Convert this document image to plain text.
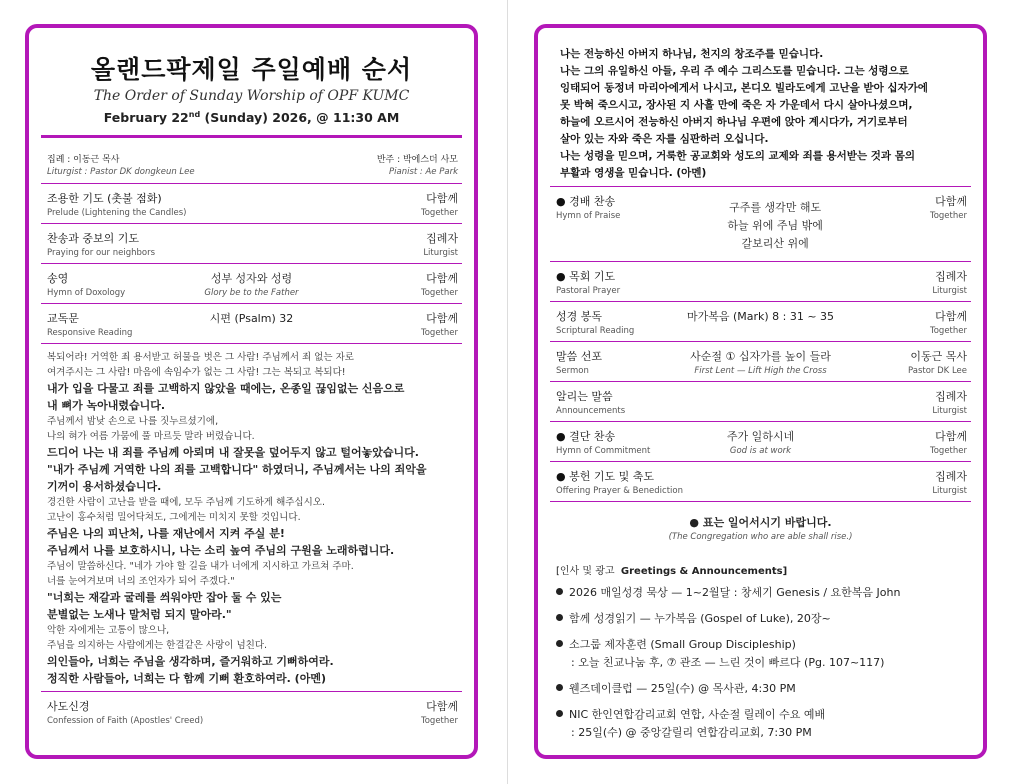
올랜드팍제일 주일예배 순서
The Order of Sunday Worship of OPF KUMC
February 22nd (Sunday) 2026, @ 11:30 AM
집례 : 이동근 목사
Liturgist : Pastor DK dongkeun Lee
반주 : 박에스더 사모
Pianist : Ae Park
조용한 기도 (촛불 점화)
Prelude (Lightening the Candles)
다함께
Together
찬송과 중보의 기도
Praying for our neighbors
집례자
Liturgist
송영
Hymn of Doxology
성부 성자와 성령
Glory be to the Father
다함께
Together
교독문
Responsive Reading
시편 (Psalm) 32	다함께
Together
복되어라! 거역한 죄 용서받고 허물을 벗은 그 사람! 주님께서 죄 없는 자로
여겨주시는 그 사람! 마음에 속임수가 없는 그 사람! 그는 복되고 복되다!
내가 입을 다물고 죄를 고백하지 않았을 때에는, 온종일 끊임없는 신음으로
내 뼈가 녹아내렸습니다.
주님께서 밤낮 손으로 나를 짓누르셨기에,
나의 혀가 여름 가뭄에 풀 마르듯 말라 버렸습니다.
드디어 나는 내 죄를 주님께 아뢰며 내 잘못을 덮어두지 않고 털어놓았습니다.
"내가 주님께 거역한 나의 죄를 고백합니다" 하였더니, 주님께서는 나의 죄악을
기꺼이 용서하셨습니다.
경건한 사람이 고난을 받을 때에, 모두 주님께 기도하게 해주십시오.
고난이 홍수처럼 밀어닥쳐도, 그에게는 미치지 못할 것입니다.
주님은 나의 피난처, 나를 재난에서 지켜 주실 분!
주님께서 나를 보호하시니, 나는 소리 높여 주님의 구원을 노래하렵니다.
주님이 말씀하신다. "네가 가야 할 길을 내가 너에게 지시하고 가르쳐 주마.
너를 눈여겨보며 너의 조언자가 되어 주겠다."
"너희는 재갈과 굴레를 씌워야만 잡아 둘 수 있는
분별없는 노새나 말처럼 되지 말아라."
악한 자에게는 고통이 많으나,
주님을 의지하는 사람에게는 한결같은 사랑이 넘친다.
의인들아, 너희는 주님을 생각하며, 즐거워하고 기뻐하여라.
정직한 사람들아, 너희는 다 함께 기뻐 환호하여라. (아멘)
사도신경
Confession of Faith (Apostles' Creed)
다함께
Together
나는 전능하신 아버지 하나님, 천지의 창조주를 믿습니다.
나는 그의 유일하신 아들, 우리 주 예수 그리스도를 믿습니다. 그는 성령으로
잉태되어 동정녀 마리아에게서 나시고, 본디오 빌라도에게 고난을 받아 십자가에
못 박혀 죽으시고, 장사된 지 사흘 만에 죽은 자 가운데서 다시 살아나셨으며,
하늘에 오르시어 전능하신 아버지 하나님 우편에 앉아 계시다가, 거기로부터
살아 있는 자와 죽은 자를 심판하러 오십니다.
나는 성령을 믿으며, 거룩한 공교회와 성도의 교제와 죄를 용서받는 것과 몸의
부활과 영생을 믿습니다. (아멘)
● 경배 찬송
Hymn of Praise
구주를 생각만 해도
하늘 위에 주님 밖에
갈보리산 위에
다함께
Together
● 목회 기도
Pastoral Prayer
집례자
Liturgist
성경 봉독
Scriptural Reading
마가복음 (Mark) 8 : 31 ~ 35	다함께
Together
말씀 선포
Sermon
사순절 ① 십자가를 높이 들라
First Lent — Lift High the Cross
이동근 목사
Pastor DK Lee
알리는 말씀
Announcements
집례자
Liturgist
● 결단 찬송
Hymn of Commitment
주가 일하시네
God is at work
다함께
Together
● 봉헌 기도 및 축도
Offering Prayer & Benediction
집례자
Liturgist
● 표는 일어서시기 바랍니다.
(The Congregation who are able shall rise.)
[인사 및 광고 Greetings & Announcements]
2026 매일성경 묵상 — 1~2월달 : 창세기 Genesis / 요한복음 John
함께 성경읽기 — 누가복음 (Gospel of Luke), 20장~
소그룹 제자훈련 (Small Group Discipleship)
: 오늘 친교나눔 후, ⑦ 관조 — 느린 것이 빠르다 (Pg. 107~117)
웬즈데이클럽 — 25일(수) @ 목사관, 4:30 PM
NIC 한인연합감리교회 연합, 사순절 릴레이 수요 예배
: 25일(수) @ 중앙갈릴리 연합감리교회, 7:30 PM
